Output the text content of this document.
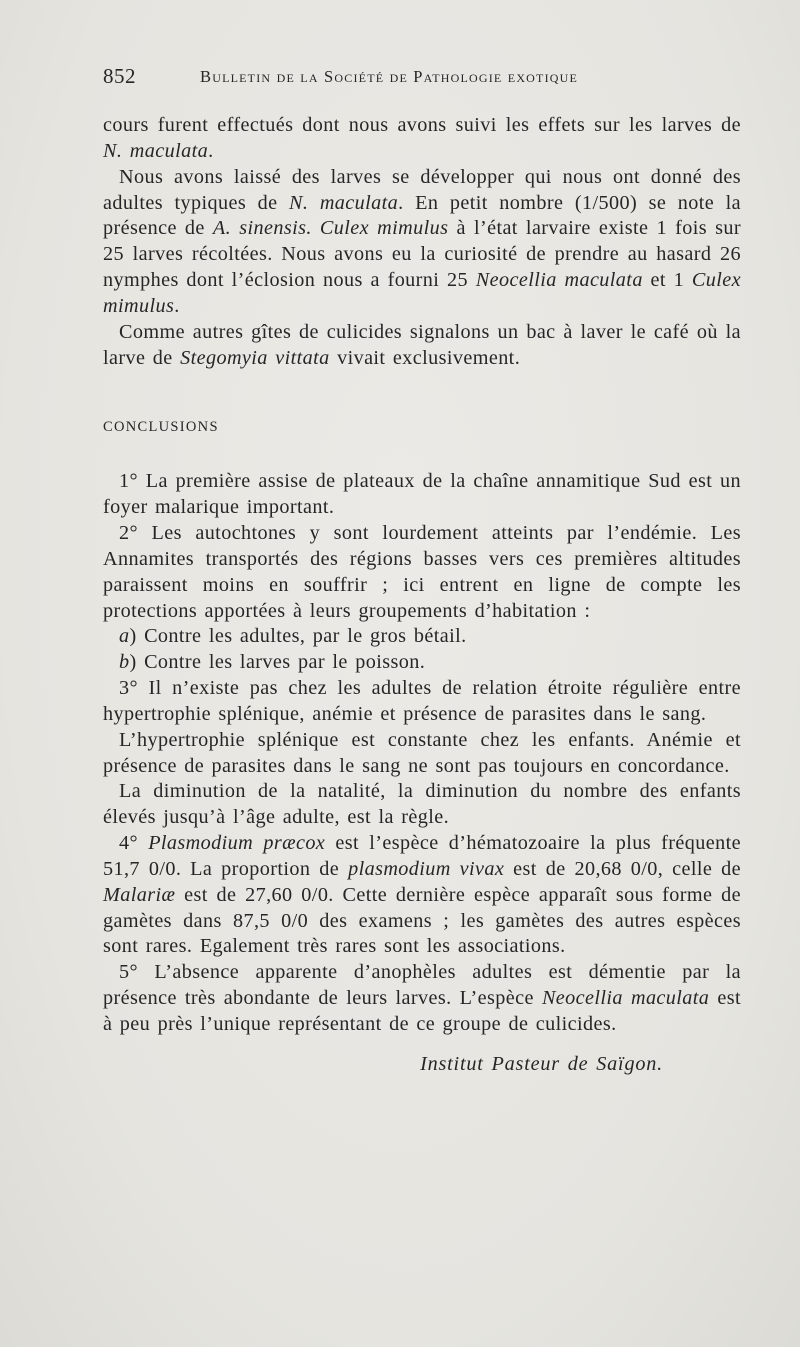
852	Bulletin de la Société de Pathologie exotique

cours furent effectués dont nous avons suivi les effets sur les larves de N. maculata.

Nous avons laissé des larves se développer qui nous ont donné des adultes typiques de N. maculata. En petit nombre (1/500) se note la présence de A. sinensis. Culex mimulus à l’état larvaire existe 1 fois sur 25 larves récoltées. Nous avons eu la curiosité de prendre au hasard 26 nymphes dont l’éclosion nous a fourni 25 Neocellia maculata et 1 Culex mimulus.

Comme autres gîtes de culicides signalons un bac à laver le café où la larve de Stegomyia vittata vivait exclusivement.

CONCLUSIONS

1° La première assise de plateaux de la chaîne annamitique Sud est un foyer malarique important.

2° Les autochtones y sont lourdement atteints par l’endémie. Les Annamites transportés des régions basses vers ces premières altitudes paraissent moins en souffrir ; ici entrent en ligne de compte les protections apportées à leurs groupements d’habitation :

a) Contre les adultes, par le gros bétail.

b) Contre les larves par le poisson.

3° Il n’existe pas chez les adultes de relation étroite régulière entre hypertrophie splénique, anémie et présence de parasites dans le sang.

L’hypertrophie splénique est constante chez les enfants. Anémie et présence de parasites dans le sang ne sont pas toujours en concordance.

La diminution de la natalité, la diminution du nombre des enfants élevés jusqu’à l’âge adulte, est la règle.

4° Plasmodium præcox est l’espèce d’hématozoaire la plus fréquente 51,7 0/0. La proportion de plasmodium vivax est de 20,68 0/0, celle de Malariæ est de 27,60 0/0. Cette dernière espèce apparaît sous forme de gamètes dans 87,5 0/0 des examens ; les gamètes des autres espèces sont rares. Egalement très rares sont les associations.

5° L’absence apparente d’anophèles adultes est démentie par la présence très abondante de leurs larves. L’espèce Neocellia maculata est à peu près l’unique représentant de ce groupe de culicides.

Institut Pasteur de Saïgon.
